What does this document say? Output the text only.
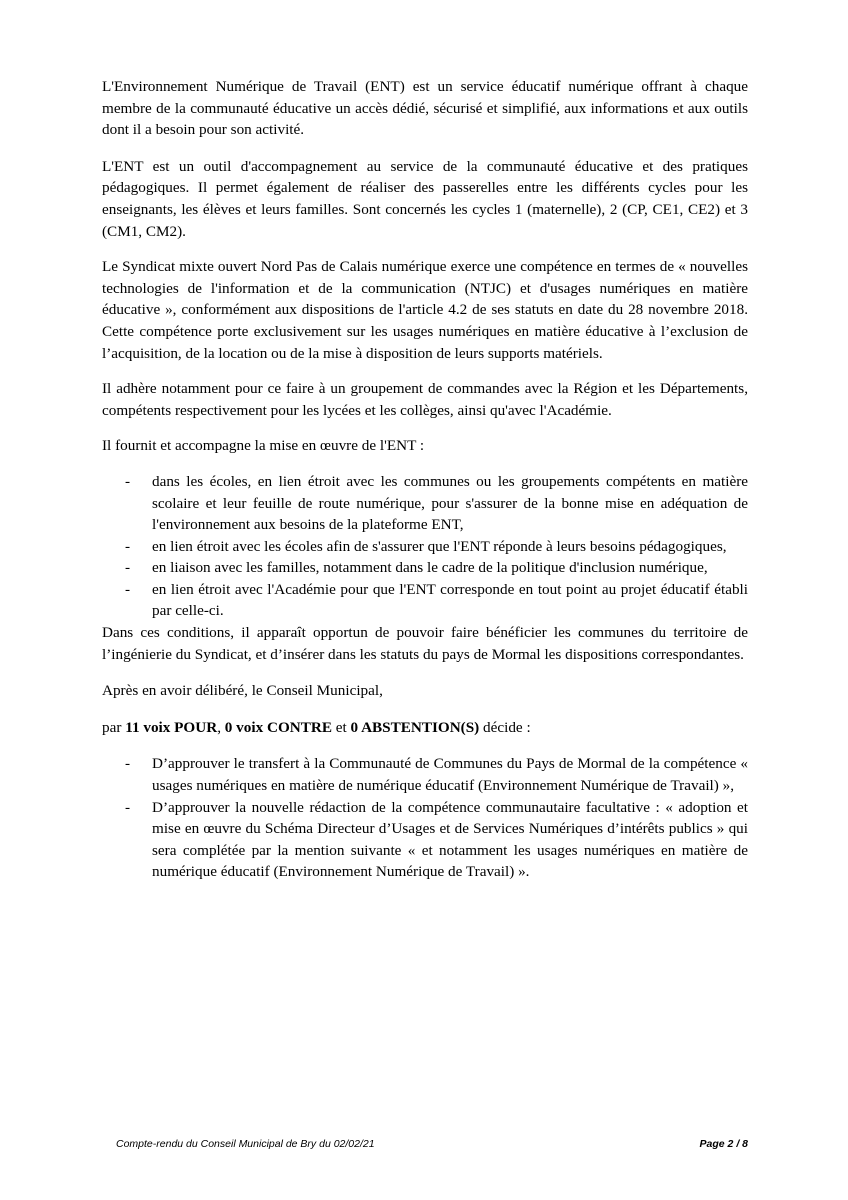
L'Environnement Numérique de Travail (ENT) est un service éducatif numérique offrant à chaque membre de la communauté éducative un accès dédié, sécurisé et simplifié, aux informations et aux outils dont il a besoin pour son activité.

L'ENT est un outil d'accompagnement au service de la communauté éducative et des pratiques pédagogiques. Il permet également de réaliser des passerelles entre les différents cycles pour les enseignants, les élèves et leurs familles. Sont concernés les cycles 1 (maternelle), 2 (CP, CE1, CE2) et 3 (CM1, CM2).

Le Syndicat mixte ouvert Nord Pas de Calais numérique exerce une compétence en termes de « nouvelles technologies de l'information et de la communication (NTJC) et d'usages numériques en matière éducative », conformément aux dispositions de l'article 4.2 de ses statuts en date du 28 novembre 2018. Cette compétence porte exclusivement sur les usages numériques en matière éducative à l’exclusion de l’acquisition, de la location ou de la mise à disposition de leurs supports matériels.

Il adhère notamment pour ce faire à un groupement de commandes avec la Région et les Départements, compétents respectivement pour les lycées et les collèges, ainsi qu'avec l'Académie.

Il fournit et accompagne la mise en œuvre de l'ENT :

- dans les écoles, en lien étroit avec les communes ou les groupements compétents en matière scolaire et leur feuille de route numérique, pour s'assurer de la bonne mise en adéquation de l'environnement aux besoins de la plateforme ENT,
- en lien étroit avec les écoles afin de s'assurer que l'ENT réponde à leurs besoins pédagogiques,
- en liaison avec les familles, notamment dans le cadre de la politique d'inclusion numérique,
- en lien étroit avec l'Académie pour que l'ENT corresponde en tout point au projet éducatif établi par celle-ci.

Dans ces conditions, il apparaît opportun de pouvoir faire bénéficier les communes du territoire de l’ingénierie du Syndicat, et d’insérer dans les statuts du pays de Mormal les dispositions correspondantes.

Après en avoir délibéré, le Conseil Municipal,

par 11 voix POUR, 0 voix CONTRE et 0 ABSTENTION(S) décide :

- D’approuver le transfert à la Communauté de Communes du Pays de Mormal de la compétence « usages numériques en matière de numérique éducatif (Environnement Numérique de Travail) »,
- D’approuver la nouvelle rédaction de la compétence communautaire facultative : « adoption et mise en œuvre du Schéma Directeur d’Usages et de Services Numériques d’intérêts publics » qui sera complétée par la mention suivante « et notamment les usages numériques en matière de numérique éducatif (Environnement Numérique de Travail) ».
Compte-rendu du Conseil Municipal de Bry du 02/02/21	Page 2 / 8
